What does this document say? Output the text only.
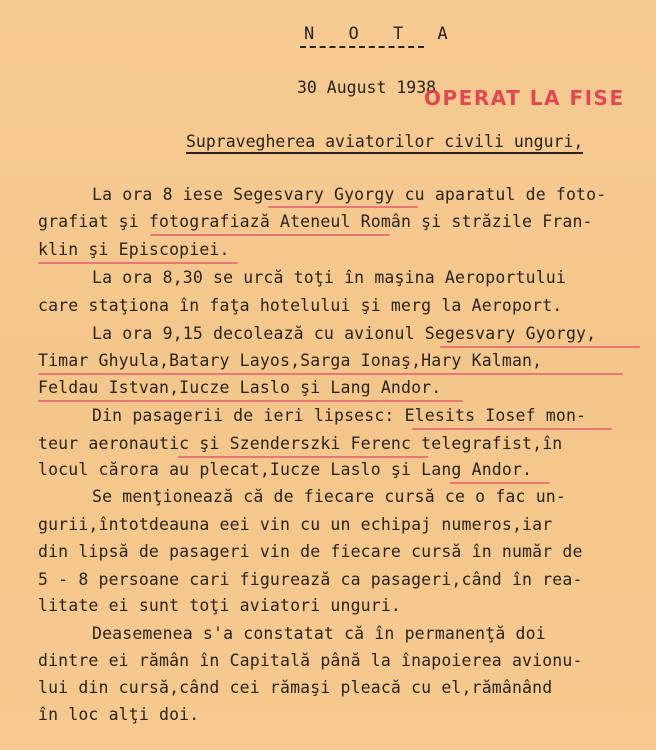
N O T A
30 August 1938
OPERAT LA FISE
Supravegherea aviatorilor civili unguri,
La ora 8 iese Segesvary Gyorgy cu aparatul de foto-
grafiat şi fotografiază Ateneul Român şi străzile Fran-
klin şi Episcopiei.
La ora 8,30 se urcă toţi în maşina Aeroportului
care staţiona în faţa hotelului şi merg la Aeroport.
La ora 9,15 decolează cu avionul Segesvary Gyorgy,
Timar Ghyula,Batary Layos,Sarga Ionaş,Hary Kalman,
Feldau Istvan,Iucze Laslo şi Lang Andor.
Din pasagerii de ieri lipsesc: Elesits Iosef mon-
teur aeronautic şi Szenderszki Ferenc telegrafist,în
locul cărora au plecat,Iucze Laslo şi Lang Andor.
Se menţionează că de fiecare cursă ce o fac un-
gurii,întotdeauna eei vin cu un echipaj numeros,iar
din lipsă de pasageri vin de fiecare cursă în număr de
5 - 8 persoane cari figurează ca pasageri,când în rea-
litate ei sunt toţi aviatori unguri.
Deasemenea s'a constatat că în permanenţă doi
dintre ei rămân în Capitală până la înapoierea avionu-
lui din cursă,când cei rămaşi pleacă cu el,rămânând
în loc alţi doi.
